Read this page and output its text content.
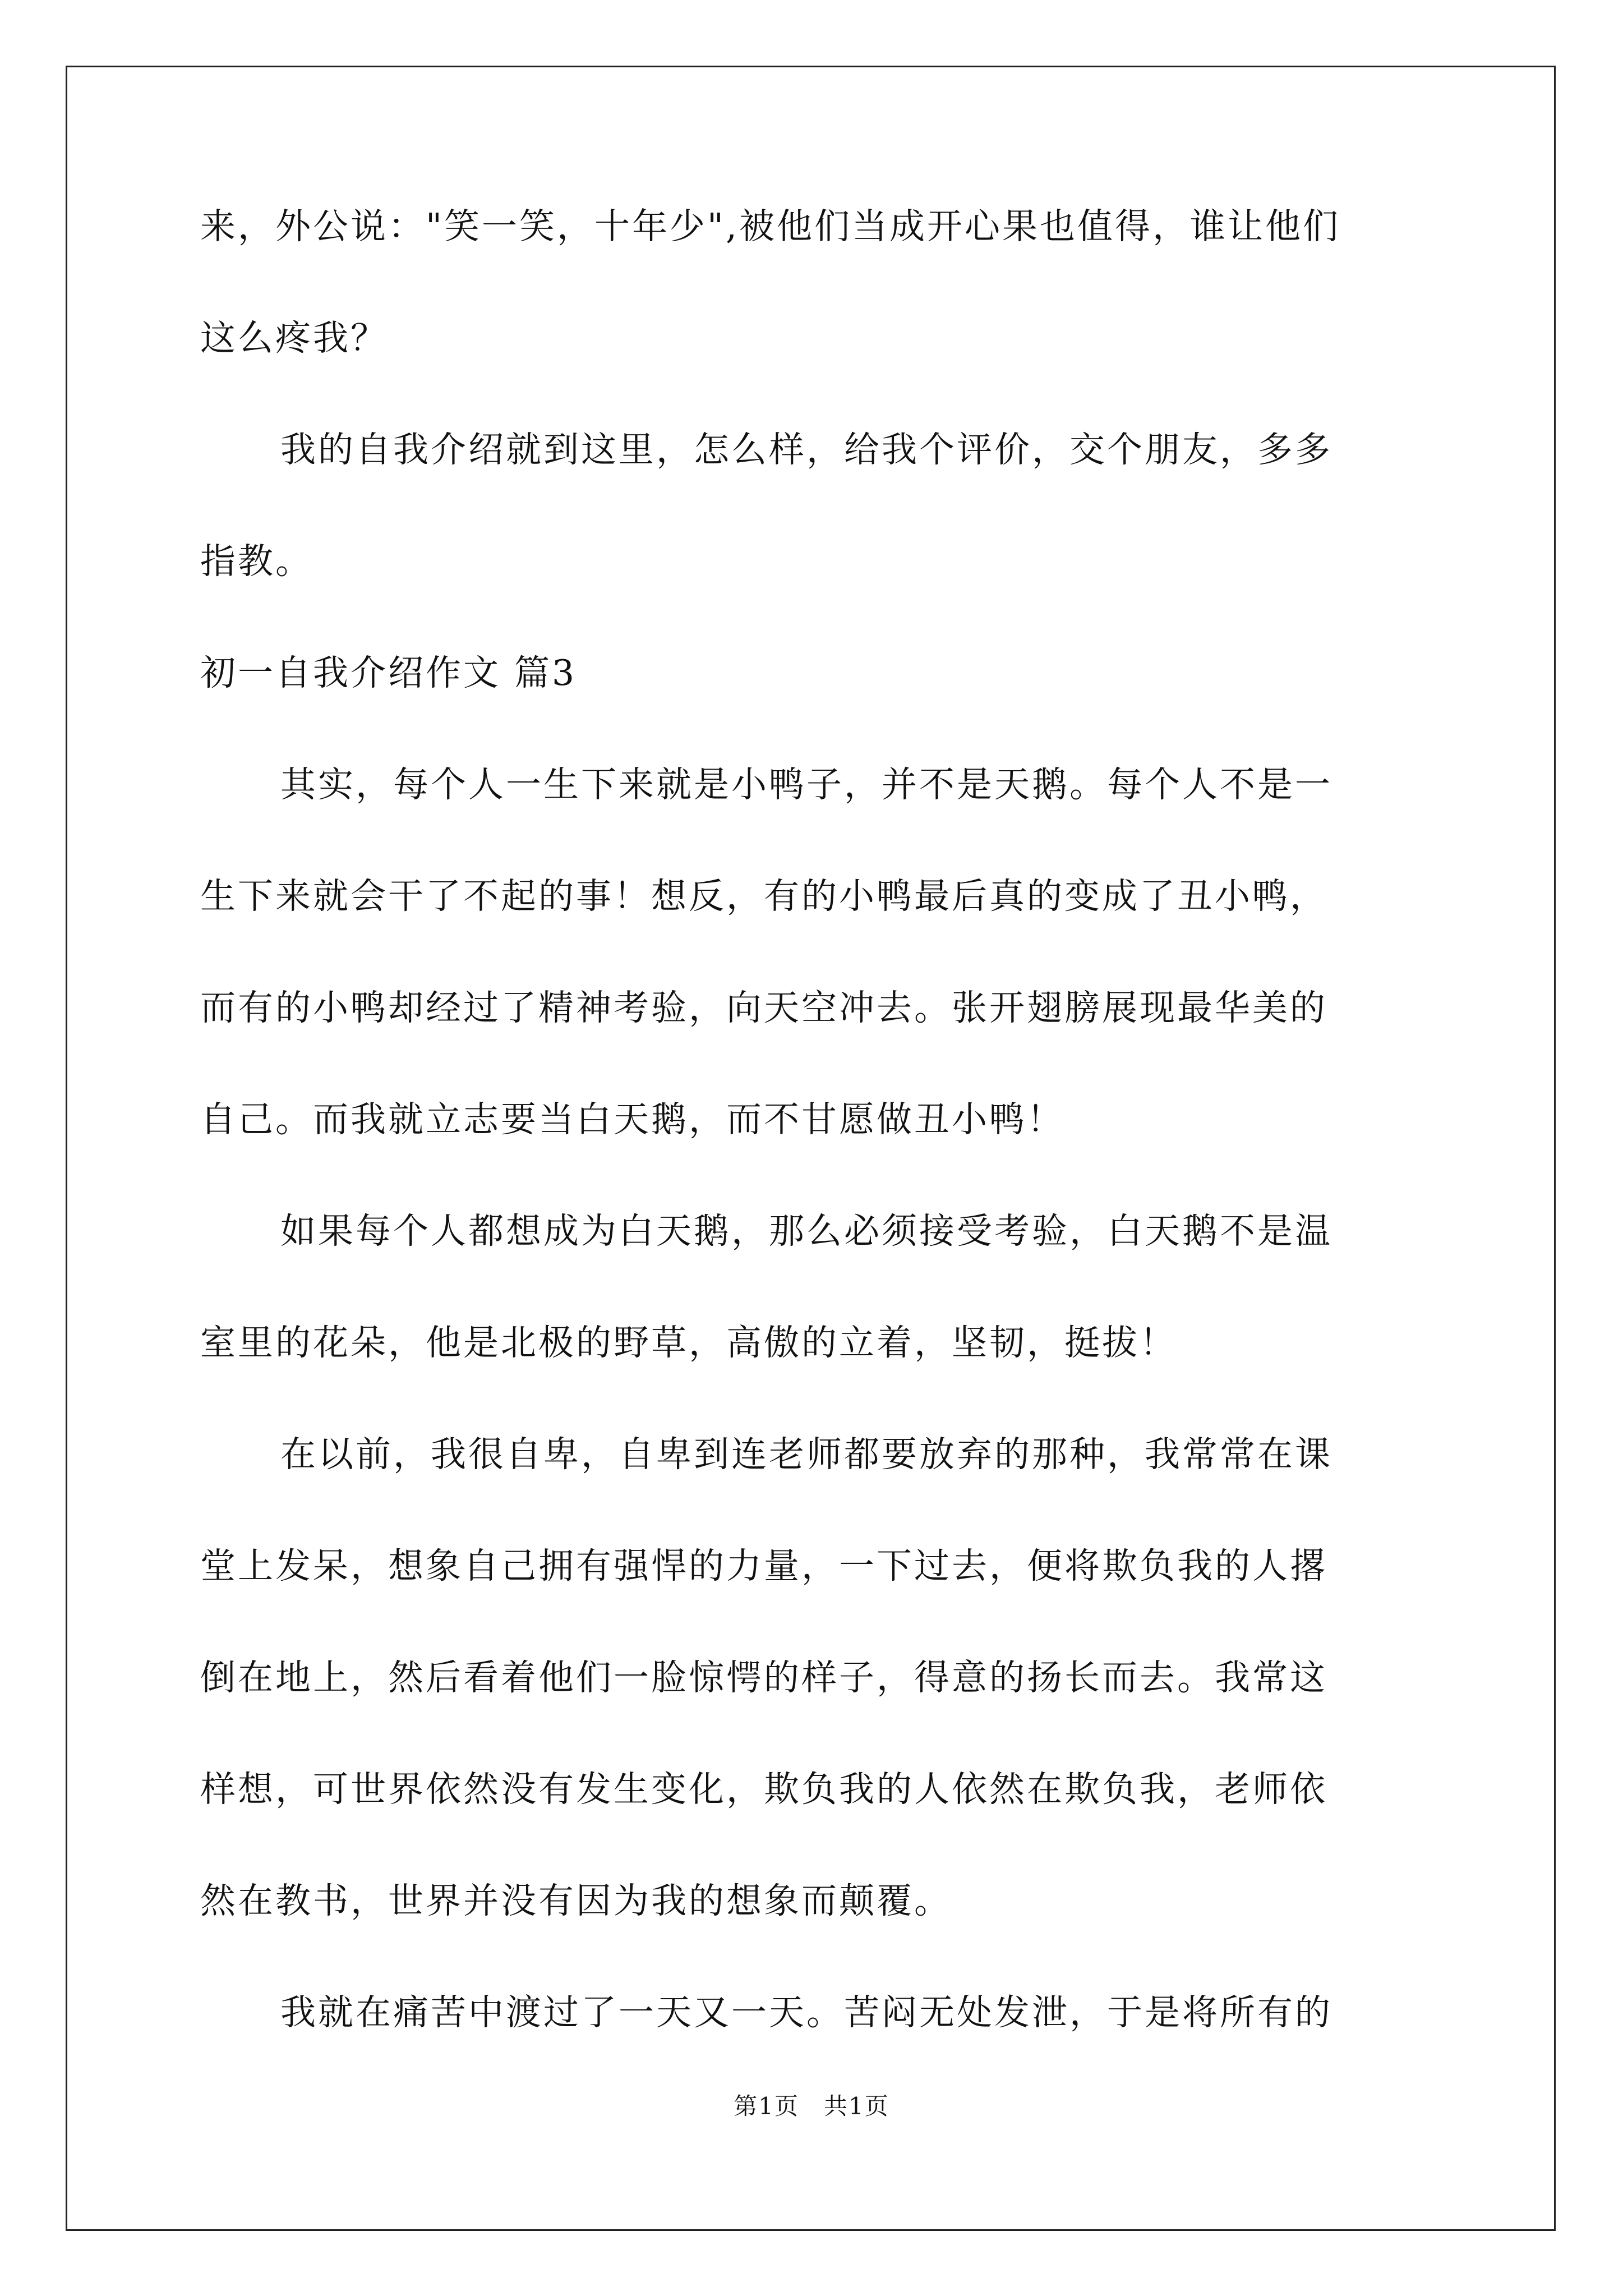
来，外公说："笑一笑，十年少",被他们当成开心果也值得，谁让他们
这么疼我？
我的自我介绍就到这里，怎么样，给我个评价，交个朋友，多多
指教。
初一自我介绍作文 篇3
其实，每个人一生下来就是小鸭子，并不是天鹅。每个人不是一
生下来就会干了不起的事！想反，有的小鸭最后真的变成了丑小鸭，
而有的小鸭却经过了精神考验，向天空冲去。张开翅膀展现最华美的
自己。而我就立志要当白天鹅，而不甘愿做丑小鸭！
如果每个人都想成为白天鹅，那么必须接受考验，白天鹅不是温
室里的花朵，他是北极的野草，高傲的立着，坚韧，挺拔！
在以前，我很自卑，自卑到连老师都要放弃的那种，我常常在课
堂上发呆，想象自己拥有强悍的力量，一下过去，便将欺负我的人撂
倒在地上，然后看着他们一脸惊愕的样子，得意的扬长而去。我常这
样想，可世界依然没有发生变化，欺负我的人依然在欺负我，老师依
然在教书，世界并没有因为我的想象而颠覆。
我就在痛苦中渡过了一天又一天。苦闷无处发泄，于是将所有的
第1页　共1页
